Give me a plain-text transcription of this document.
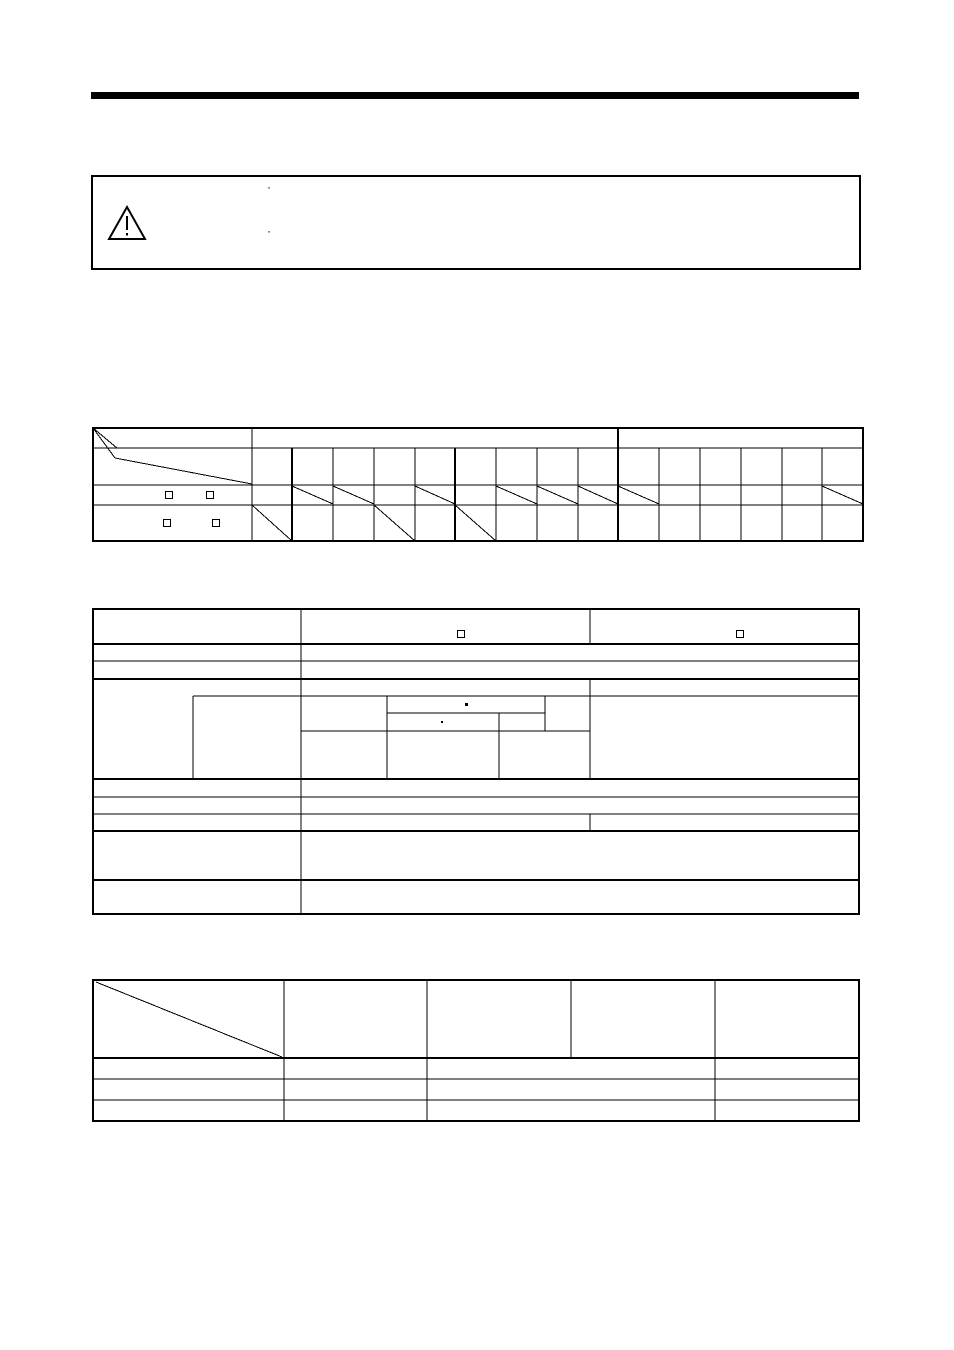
·
·
